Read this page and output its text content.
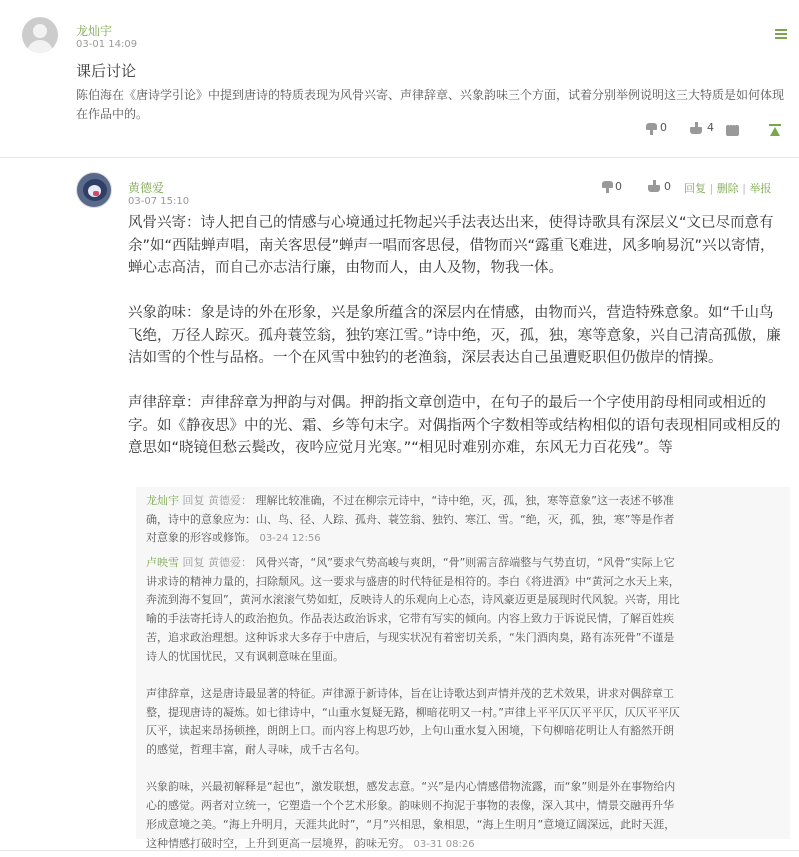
龙灿宇
03-01 14:09
课后讨论
陈伯海在《唐诗学引论》中提到唐诗的特质表现为风骨兴寄、声律辞章、兴象韵味三个方面，试着分别举例说明这三大特质是如何体现在作品中的。
0	4
···
黄德爱
03-07 15:10
0	0 回复 | 删除 | 举报

风骨兴寄：诗人把自己的情感与心境通过托物起兴手法表达出来，使得诗歌具有深层义“文已尽而意有余”如“西陆蝉声唱，南关客思侵”蝉声一唱而客思侵，借物而兴“露重飞难进，风多响易沉”兴以寄情，蝉心志高洁，而自己亦志洁行廉，由物而人，由人及物，物我一体。

兴象韵味：象是诗的外在形象，兴是象所蕴含的深层内在情感，由物而兴，营造特殊意象。如“千山鸟飞绝，万径人踪灭。孤舟蓑笠翁，独钓寒江雪。”诗中绝，灭，孤，独，寒等意象，兴自己清高孤傲，廉洁如雪的个性与品格。一个在风雪中独钓的老渔翁，深层表达自己虽遭贬职但仍傲岸的情操。

声律辞章：声律辞章为押韵与对偶。押韵指文章创造中，在句子的最后一个字使用韵母相同或相近的字。如《静夜思》中的光、霜、乡等句末字。对偶指两个字数相等或结构相似的语句表现相同或相反的意思如“晓镜但愁云鬓改，夜吟应觉月光寒。”“相见时难别亦难，东风无力百花残”。等

龙灿宇 回复 黄德爱： 理解比较准确，不过在柳宗元诗中，“诗中绝，灭，孤，独，寒等意象”这一表述不够准确，诗中的意象应为：山、鸟、径、人踪、孤舟、蓑笠翁、独钓、寒江、雪。“绝，灭，孤，独，寒”等是作者对意象的形容或修饰。 03-24 12:56

卢映雪 回复 黄德爱： 风骨兴寄，“风”要求气势高峻与爽朗，“骨”则需言辞端整与气势直切，“风骨”实际上它讲求诗的精神力量的，扫除颓风。这一要求与盛唐的时代特征是相符的。李白《将进酒》中“黄河之水天上来，奔流到海不复回”，黄河水滚滚气势如虹，反映诗人的乐观向上心态，诗风豪迈更是展现时代风貌。兴寄，用比喻的手法寄托诗人的政治抱负。作品表达政治诉求，它带有写实的倾向。内容上致力于诉说民情，了解百姓疾苦，追求政治理想。这种诉求大多存于中唐后，与现实状况有着密切关系，“朱门酒肉臭，路有冻死骨”不谨是诗人的忧国忧民，又有讽刺意味在里面。

声律辞章，这是唐诗最显著的特征。声律源于新诗体，旨在让诗歌达到声情并茂的艺术效果，讲求对偶辞章工整，提现唐诗的凝炼。如七律诗中，“山重水复疑无路，柳暗花明又一村。”声律上平平仄仄平平仄，仄仄平平仄仄平，读起来昂扬顿挫，朗朗上口。而内容上构思巧妙，上句山重水复入困境，下句柳暗花明让人有豁然开朗的感觉，哲理丰富，耐人寻味，成千古名句。

兴象韵味，兴最初解释是“起也”，激发联想，感发志意。“兴”是内心情感借物流露，而“象”则是外在事物给内心的感觉。两者对立统一，它塑造一个个艺术形象。韵味则不拘泥于事物的表像，深入其中，情景交融再升华形成意境之美。“海上升明月，天涯共此时”，“月”兴相思，象相思，“海上生明月”意境辽阔深远，此时天涯，这种情感打破时空，上升到更高一层境界，韵味无穷。 03-31 08:26
